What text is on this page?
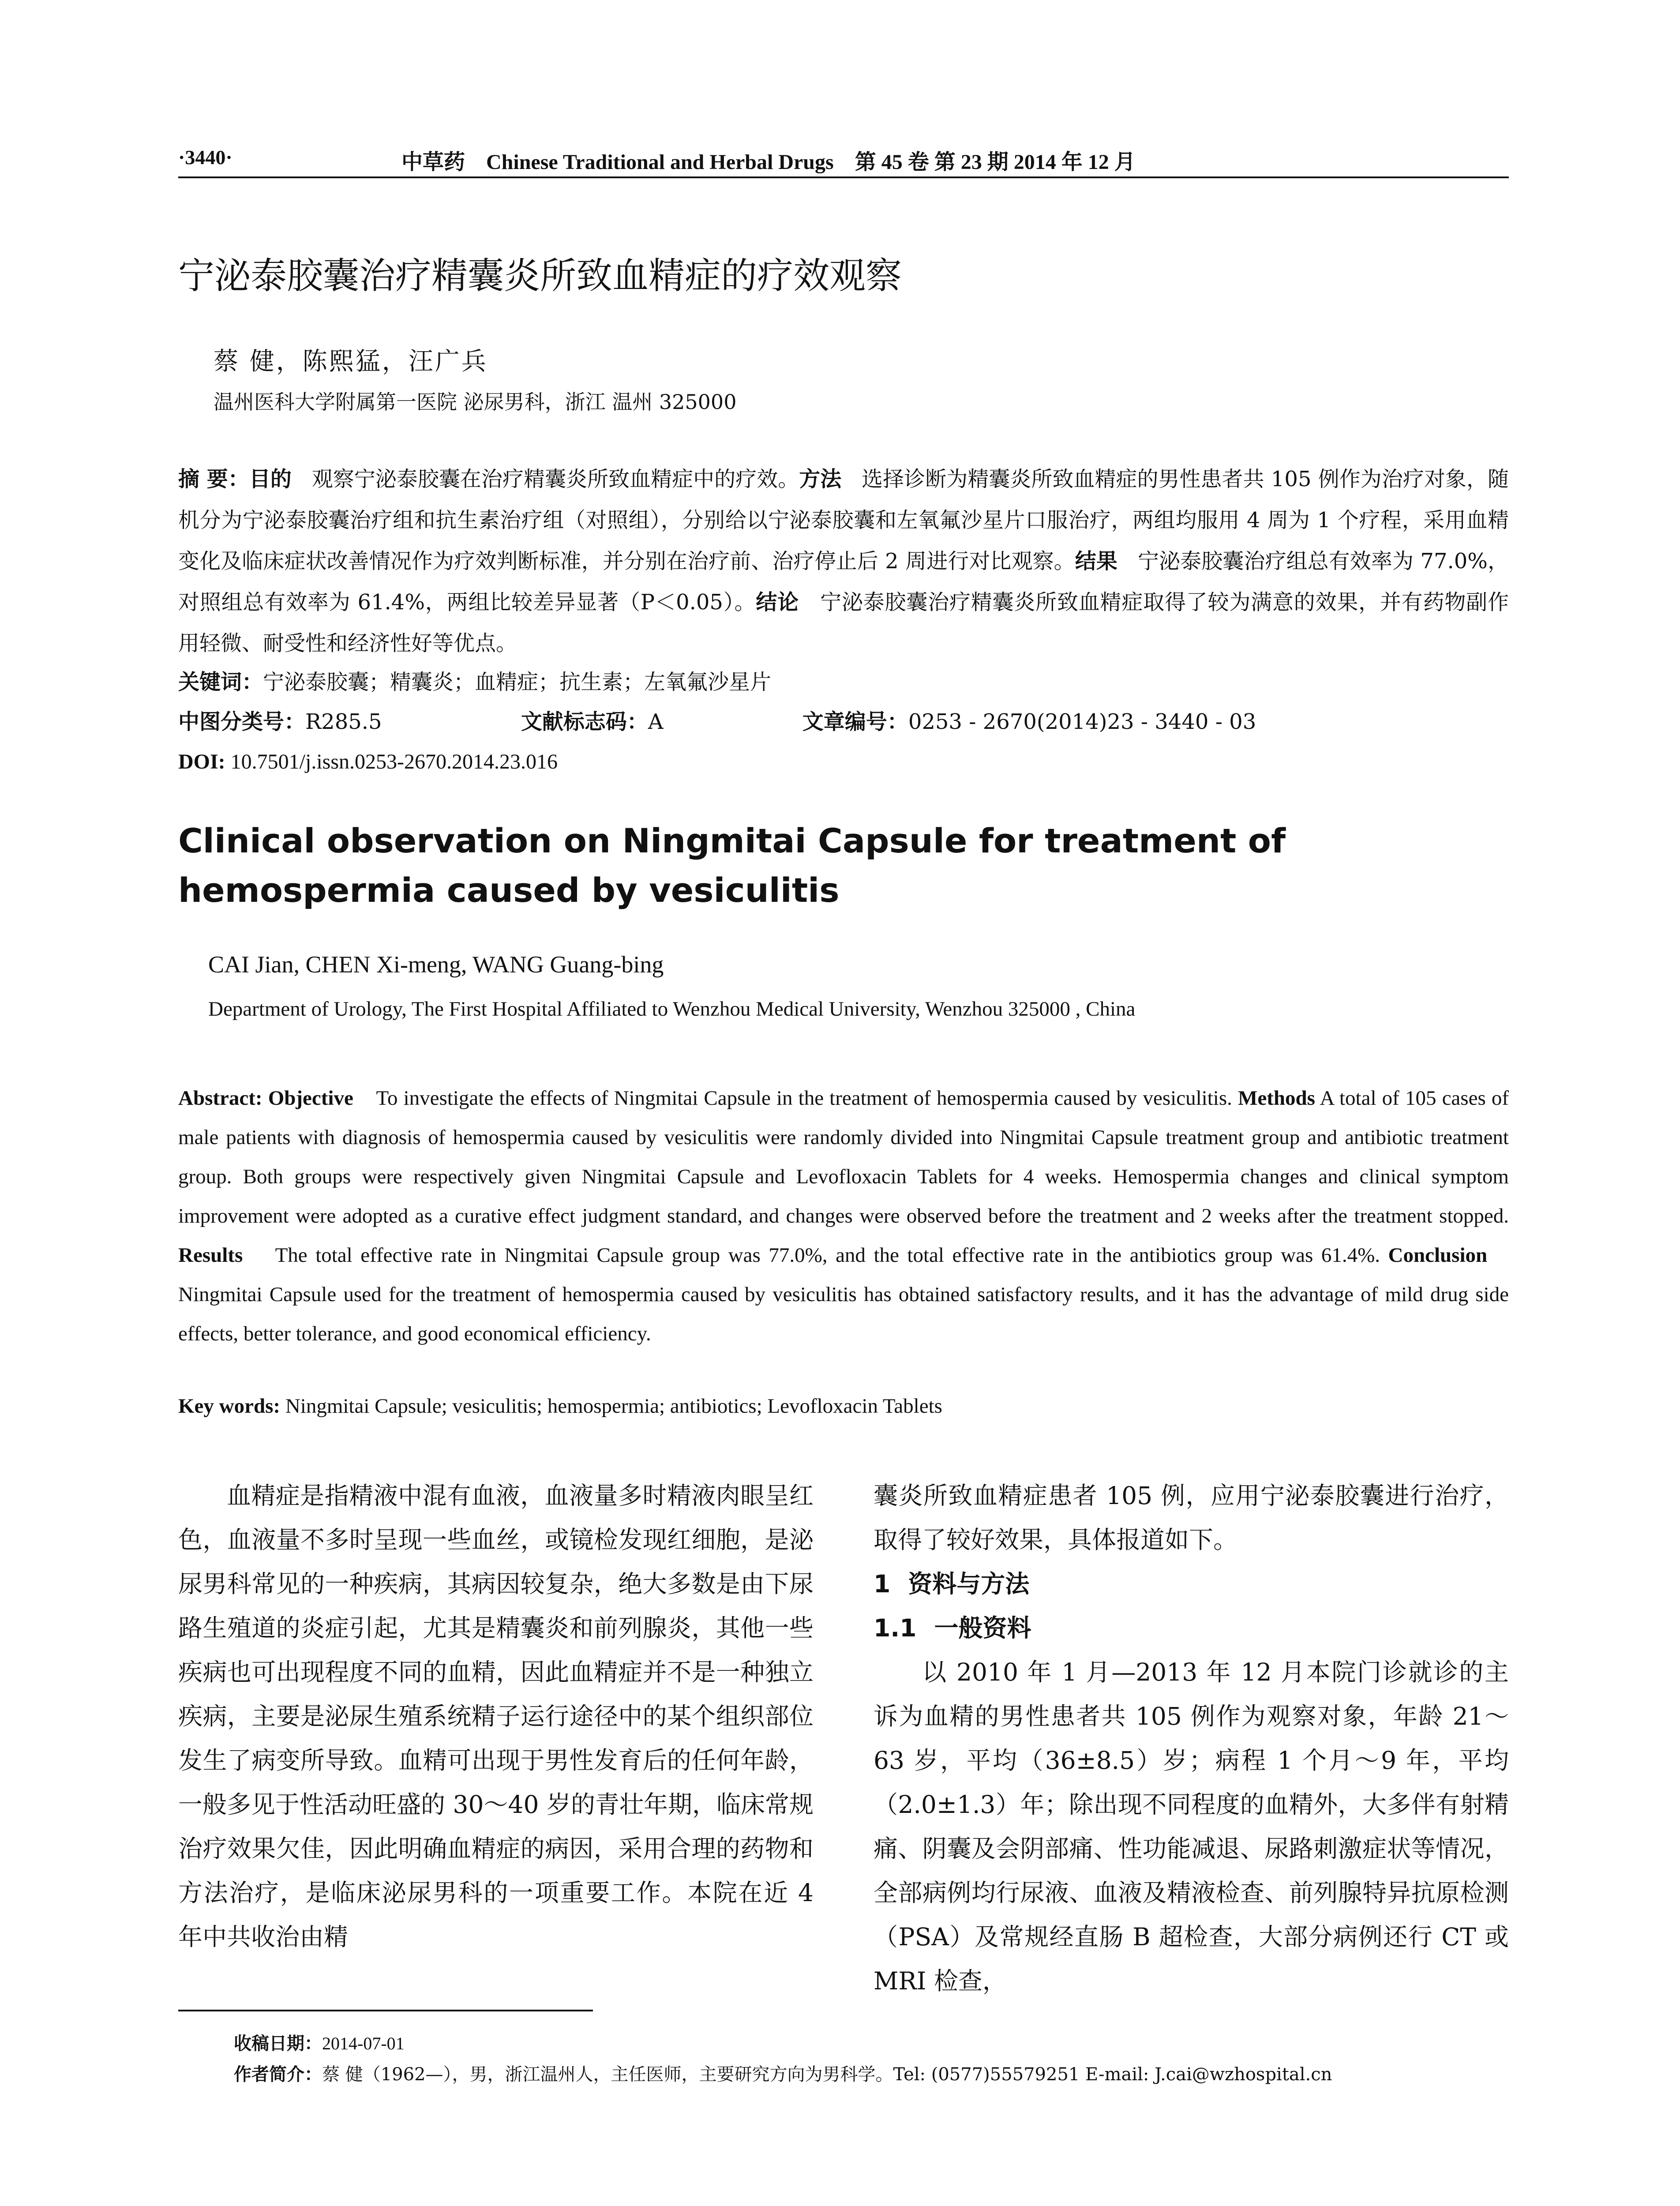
·3440·	中草药 Chinese Traditional and Herbal Drugs 第 45 卷 第 23 期 2014 年 12 月
宁泌泰胶囊治疗精囊炎所致血精症的疗效观察
蔡 健，陈熙猛，汪广兵
温州医科大学附属第一医院 泌尿男科，浙江 温州 325000
摘 要：目的 观察宁泌泰胶囊在治疗精囊炎所致血精症中的疗效。方法 选择诊断为精囊炎所致血精症的男性患者共 105 例作为治疗对象，随机分为宁泌泰胶囊治疗组和抗生素治疗组（对照组），分别给以宁泌泰胶囊和左氧氟沙星片口服治疗，两组均服用 4 周为 1 个疗程，采用血精变化及临床症状改善情况作为疗效判断标准，并分别在治疗前、治疗停止后 2 周进行对比观察。结果 宁泌泰胶囊治疗组总有效率为 77.0%，对照组总有效率为 61.4%，两组比较差异显著（P＜0.05）。结论 宁泌泰胶囊治疗精囊炎所致血精症取得了较为满意的效果，并有药物副作用轻微、耐受性和经济性好等优点。
关键词：宁泌泰胶囊；精囊炎；血精症；抗生素；左氧氟沙星片
中图分类号：R285.5	文献标志码：A	文章编号：0253 - 2670(2014)23 - 3440 - 03
DOI: 10.7501/j.issn.0253-2670.2014.23.016
Clinical observation on Ningmitai Capsule for treatment of hemospermia caused by vesiculitis
CAI Jian, CHEN Xi-meng, WANG Guang-bing
Department of Urology, The First Hospital Affiliated to Wenzhou Medical University, Wenzhou 325000 , China
Abstract: Objective To investigate the effects of Ningmitai Capsule in the treatment of hemospermia caused by vesiculitis. Methods A total of 105 cases of male patients with diagnosis of hemospermia caused by vesiculitis were randomly divided into Ningmitai Capsule treatment group and antibiotic treatment group. Both groups were respectively given Ningmitai Capsule and Levofloxacin Tablets for 4 weeks. Hemospermia changes and clinical symptom improvement were adopted as a curative effect judgment standard, and changes were observed before the treatment and 2 weeks after the treatment stopped. Results The total effective rate in Ningmitai Capsule group was 77.0%, and the total effective rate in the antibiotics group was 61.4%. Conclusion    Ningmitai Capsule used for the treatment of hemospermia caused by vesiculitis has obtained satisfactory results, and it has the advantage of mild drug side effects, better tolerance, and good economical efficiency.
Key words: Ningmitai Capsule; vesiculitis; hemospermia; antibiotics; Levofloxacin Tablets
血精症是指精液中混有血液，血液量多时精液肉眼呈红色，血液量不多时呈现一些血丝，或镜检发现红细胞，是泌尿男科常见的一种疾病，其病因较复杂，绝大多数是由下尿路生殖道的炎症引起，尤其是精囊炎和前列腺炎，其他一些疾病也可出现程度不同的血精，因此血精症并不是一种独立疾病，主要是泌尿生殖系统精子运行途径中的某个组织部位发生了病变所导致。血精可出现于男性发育后的任何年龄，一般多见于性活动旺盛的 30～40 岁的青壮年期，临床常规治疗效果欠佳，因此明确血精症的病因，采用合理的药物和方法治疗，是临床泌尿男科的一项重要工作。本院在近 4 年中共收治由精
囊炎所致血精症患者 105 例，应用宁泌泰胶囊进行治疗，取得了较好效果，具体报道如下。
1 资料与方法
1.1 一般资料
以 2010 年 1 月—2013 年 12 月本院门诊就诊的主诉为血精的男性患者共 105 例作为观察对象，年龄 21～63 岁，平均（36±8.5）岁；病程 1 个月～9 年，平均（2.0±1.3）年；除出现不同程度的血精外，大多伴有射精痛、阴囊及会阴部痛、性功能减退、尿路刺激症状等情况，全部病例均行尿液、血液及精液检查、前列腺特异抗原检测（PSA）及常规经直肠 B 超检查，大部分病例还行 CT 或 MRI 检查，
收稿日期：2014-07-01
作者简介：蔡 健（1962—），男，浙江温州人，主任医师，主要研究方向为男科学。Tel: (0577)55579251 E-mail: J.cai@wzhospital.cn
